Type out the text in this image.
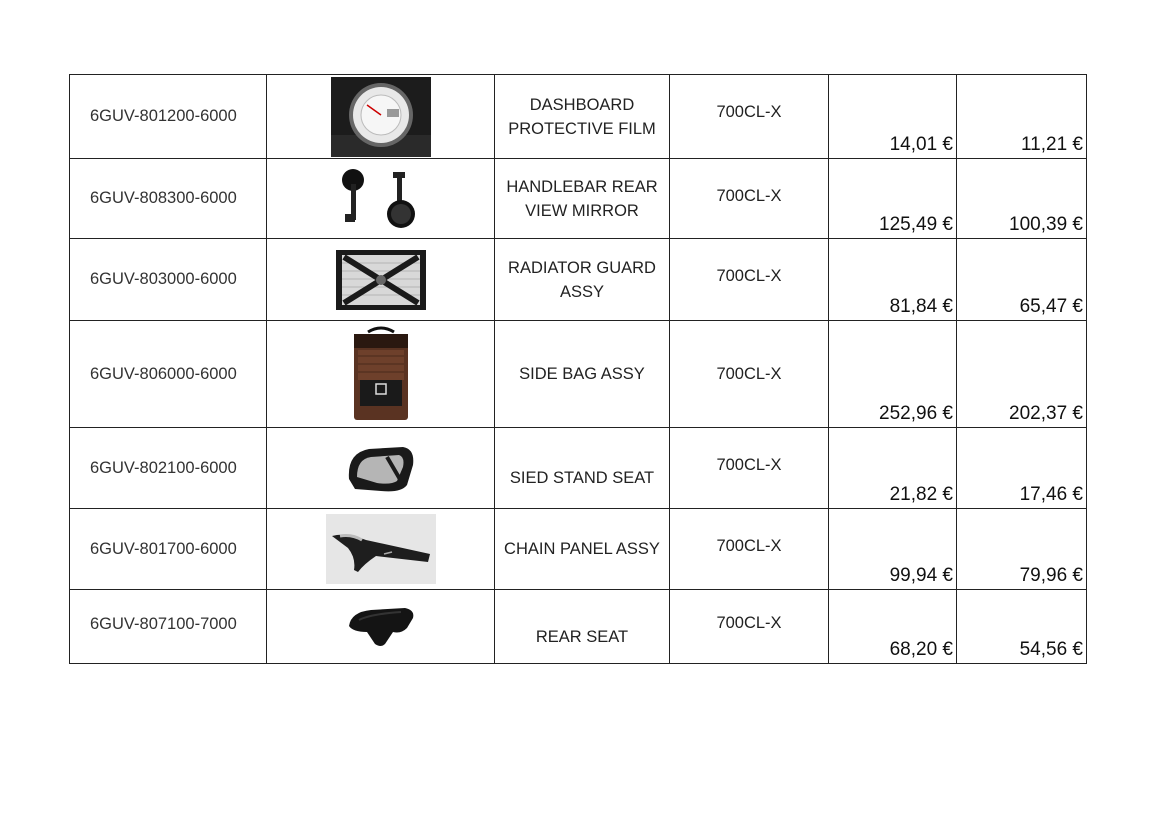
6GUV-801200-6000		DASHBOARD PROTECTIVE FILM	700CL-X	14,01 €	11,21 €
6GUV-808300-6000		HANDLEBAR REAR VIEW MIRROR	700CL-X	125,49 €	100,39 €
6GUV-803000-6000		RADIATOR GUARD ASSY	700CL-X	81,84 €	65,47 €
6GUV-806000-6000		SIDE BAG ASSY	700CL-X	252,96 €	202,37 €
6GUV-802100-6000		SIED STAND SEAT	700CL-X	21,82 €	17,46 €
6GUV-801700-6000		CHAIN PANEL ASSY	700CL-X	99,94 €	79,96 €

6GUV-807100-7000		REAR SEAT	700CL-X	68,20 €	54,56 €
